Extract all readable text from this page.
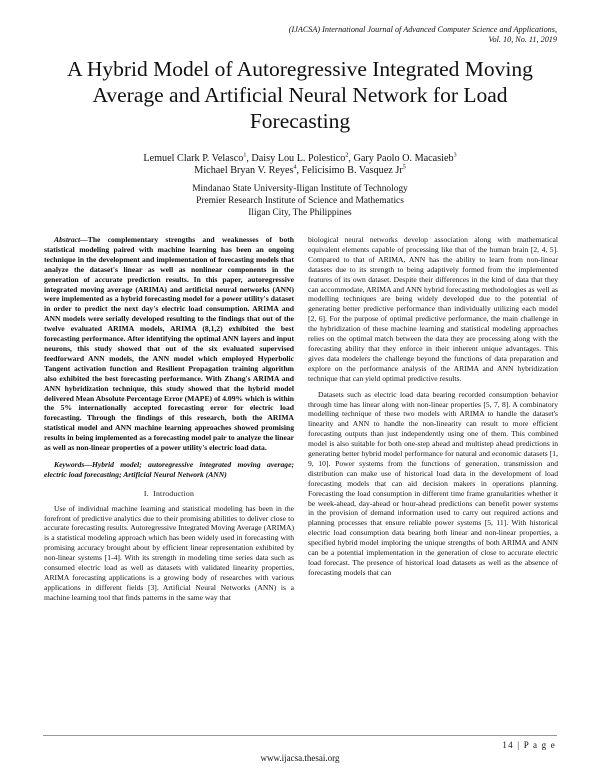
(IJACSA) International Journal of Advanced Computer Science and Applications,
Vol. 10, No. 11, 2019
A Hybrid Model of Autoregressive Integrated Moving
Average and Artificial Neural Network for Load
Forecasting
Lemuel Clark P. Velasco$^1$, Daisy Lou L. Polestico$^2$, Gary Paolo O. Macasieb$^3$
Michael Bryan V. Reyes$^4$, Felicisimo B. Vasquez Jr$^5$
Mindanao State University-Iligan Institute of Technology
Premier Research Institute of Science and Mathematics
Iligan City, The Philippines

Abstract—The complementary strengths and weaknesses of both statistical modeling paired with machine learning has been an ongoing technique in the development and implementation of forecasting models that analyze the dataset's linear as well as nonlinear components in the generation of accurate prediction results. In this paper, autoregressive integrated moving average (ARIMA) and artificial neural networks (ANN) were implemented as a hybrid forecasting model for a power utility's dataset in order to predict the next day's electric load consumption. ARIMA and ANN models were serially developed resulting to the findings that out of the twelve evaluated ARIMA models, ARIMA (8,1,2) exhibited the best forecasting performance. After identifying the optimal ANN layers and input neurons, this study showed that out of the six evaluated supervised feedforward ANN models, the ANN model which employed Hyperbolic Tangent activation function and Resilient Propagation training algorithm also exhibited the best forecasting performance. With Zhang's ARIMA and ANN hybridization technique, this study showed that the hybrid model delivered Mean Absolute Percentage Error (MAPE) of 4.09% which is within the 5% internationally accepted forecasting error for electric load forecasting. Through the findings of this research, both the ARIMA statistical model and ANN machine learning approaches showed promising results in being implemented as a forecasting model pair to analyze the linear as well as non-linear properties of a power utility's electric load data.

Keywords—Hybrid model; autoregressive integrated moving average; electric load forecasting; Artificial Neural Network (ANN)

I. Introduction

Use of individual machine learning and statistical modeling has been in the forefront of predictive analytics due to their promising abilities to deliver close to accurate forecasting results. Autoregressive Integrated Moving Average (ARIMA) is a statistical modeling approach which has been widely used in forecasting with promising accuracy brought about by efficient linear representation exhibited by non-linear systems [1-4]. With its strength in modeling time series data such as consumed electric load as well as datasets with validated linearity properties, ARIMA forecasting applications is a growing body of researches with various applications in different fields [3]. Artificial Neural Networks (ANN) is a machine learning tool that finds patterns in the same way that

biological neural networks develop association along with mathematical equivalent elements capable of processing like that of the human brain [2, 4, 5]. Compared to that of ARIMA, ANN has the ability to learn from non-linear datasets due to its strength to being adaptively formed from the implemented features of its own dataset. Despite their differences in the kind of data that they can accommodate, ARIMA and ANN hybrid forecasting methodologies as well as modelling techniques are being widely developed due to the potential of generating better predictive performance than individually utilizing each model [2, 6]. For the purpose of optimal predictive performance, the main challenge in the hybridization of these machine learning and statistical modeling approaches relies on the optimal match between the data they are processing along with the forecasting ability that they enforce in their inherent unique advantages. This gives data modelers the challenge beyond the functions of data preparation and explore on the performance analysis of the ARIMA and ANN hybridization technique that can yield optimal predictive results.

Datasets such as electric load data bearing recorded consumption behavior through time has linear along with non-linear properties [5, 7, 8]. A combinatory modelling technique of these two models with ARIMA to handle the dataset's linearity and ANN to handle the non-linearity can result to more efficient forecasting outputs than just independently using one of them. This combined model is also suitable for both one-step ahead and multistep ahead predictions in generating better hybrid model performance for natural and economic datasets [1, 9, 10]. Power systems from the functions of generation, transmission and distribution can make use of historical load data in the development of load forecasting models that can aid decision makers in operations planning. Forecasting the load consumption in different time frame granularities whether it be week-ahead, day-ahead or hour-ahead predictions can benefit power systems in the provision of demand information used to carry out required actions and planning processes that ensure reliable power systems [5, 11]. With historical electric load consumption data bearing both linear and non-linear properties, a specified hybrid model imploring the unique strengths of both ARIMA and ANN can be a potential implementation in the generation of close to accurate electric load forecast. The presence of historical load datasets as well as the absence of forecasting models that can

14 | P a g e
www.ijacsa.thesai.org
